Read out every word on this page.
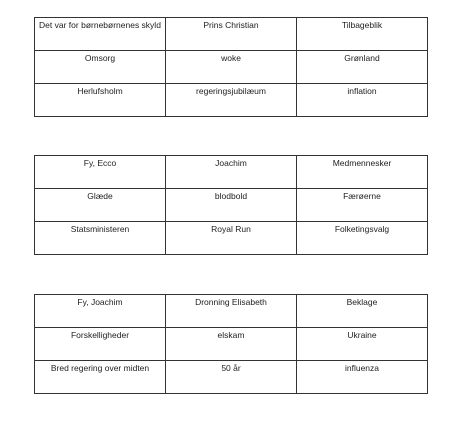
Det var for børnebørnenes skyld	Prins Christian	Tilbageblik

Omsorg	woke	Grønland

Herlufsholm	regeringsjubilæum	inflation
Fy, Ecco	Joachim	Medmennesker

Glæde	blodbold	Færøerne

Statsministeren	Royal Run	Folketingsvalg
Fy, Joachim	Dronning Elisabeth	Beklage

Forskelligheder	elskam	Ukraine

Bred regering over midten	50 år	influenza
